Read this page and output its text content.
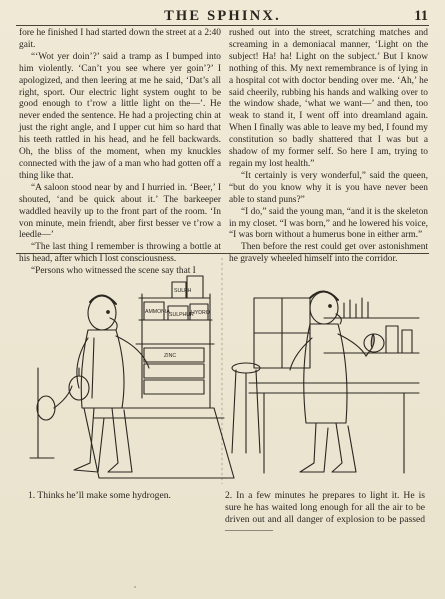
THE SPHINX.	11

fore he finished I had started down the street at a 2:40 gait.

“‘Wot yer doin’?’ said a tramp as I bumped into him violently. ‘Can’t you see where yer goin’?’ I apologized, and then leering at me he said, ‘Dat’s all right, sport. Our electric light system ought to be good enough to t’row a little light on the—’. He never ended the sentence. He had a projecting chin at just the right angle, and I upper cut him so hard that his teeth rattled in his head, and he fell backwards. Oh, the bliss of the moment, when my knuckles connected with the jaw of a man who had gotten off a thing like that.

“A saloon stood near by and I hurried in. ‘Beer,’ I shouted, ‘and be quick about it.’ The barkeeper waddled heavily up to the front part of the room. ‘In von minute, mein friendt, aber first besser ve t’row a leedle—’

“The last thing I remember is throwing a bottle at his head, after which I lost consciousness.

“Persons who witnessed the scene say that I

rushed out into the street, scratching matches and screaming in a demoniacal manner, ‘Light on the subject! Ha! ha! Light on the subject.’ But I know nothing of this. My next remembrance is of lying in a hospital cot with doctor bending over me. ‘Ah,’ he said cheerily, rubbing his hands and walking over to the window shade, ‘what we want—’ and then, too weak to stand it, I went off into dreamland again. When I finally was able to leave my bed, I found my constitution so badly shattered that I was but a shadow of my former self. So here I am, trying to regain my lost health.”

“It certainly is very wonderful,” said the queen, “but do you know why it is you have never been able to stand puns?”

“I do,” said the young man, “and it is the skeleton in my closet. “I was born,” and he lowered his voice, “I was born without a humerus bone in either arm.”

Then before the rest could get over astonishment he gravely wheeled himself into the corridor.

SULPH
AMMONIA SULPHUR
HYDRO
ZINC
1. Thinks he’ll make some hydrogen.	2. In a few minutes he prepares to light it. He is sure he has waited long enough for all the air to be driven out and all danger of explosion to be passed—————
